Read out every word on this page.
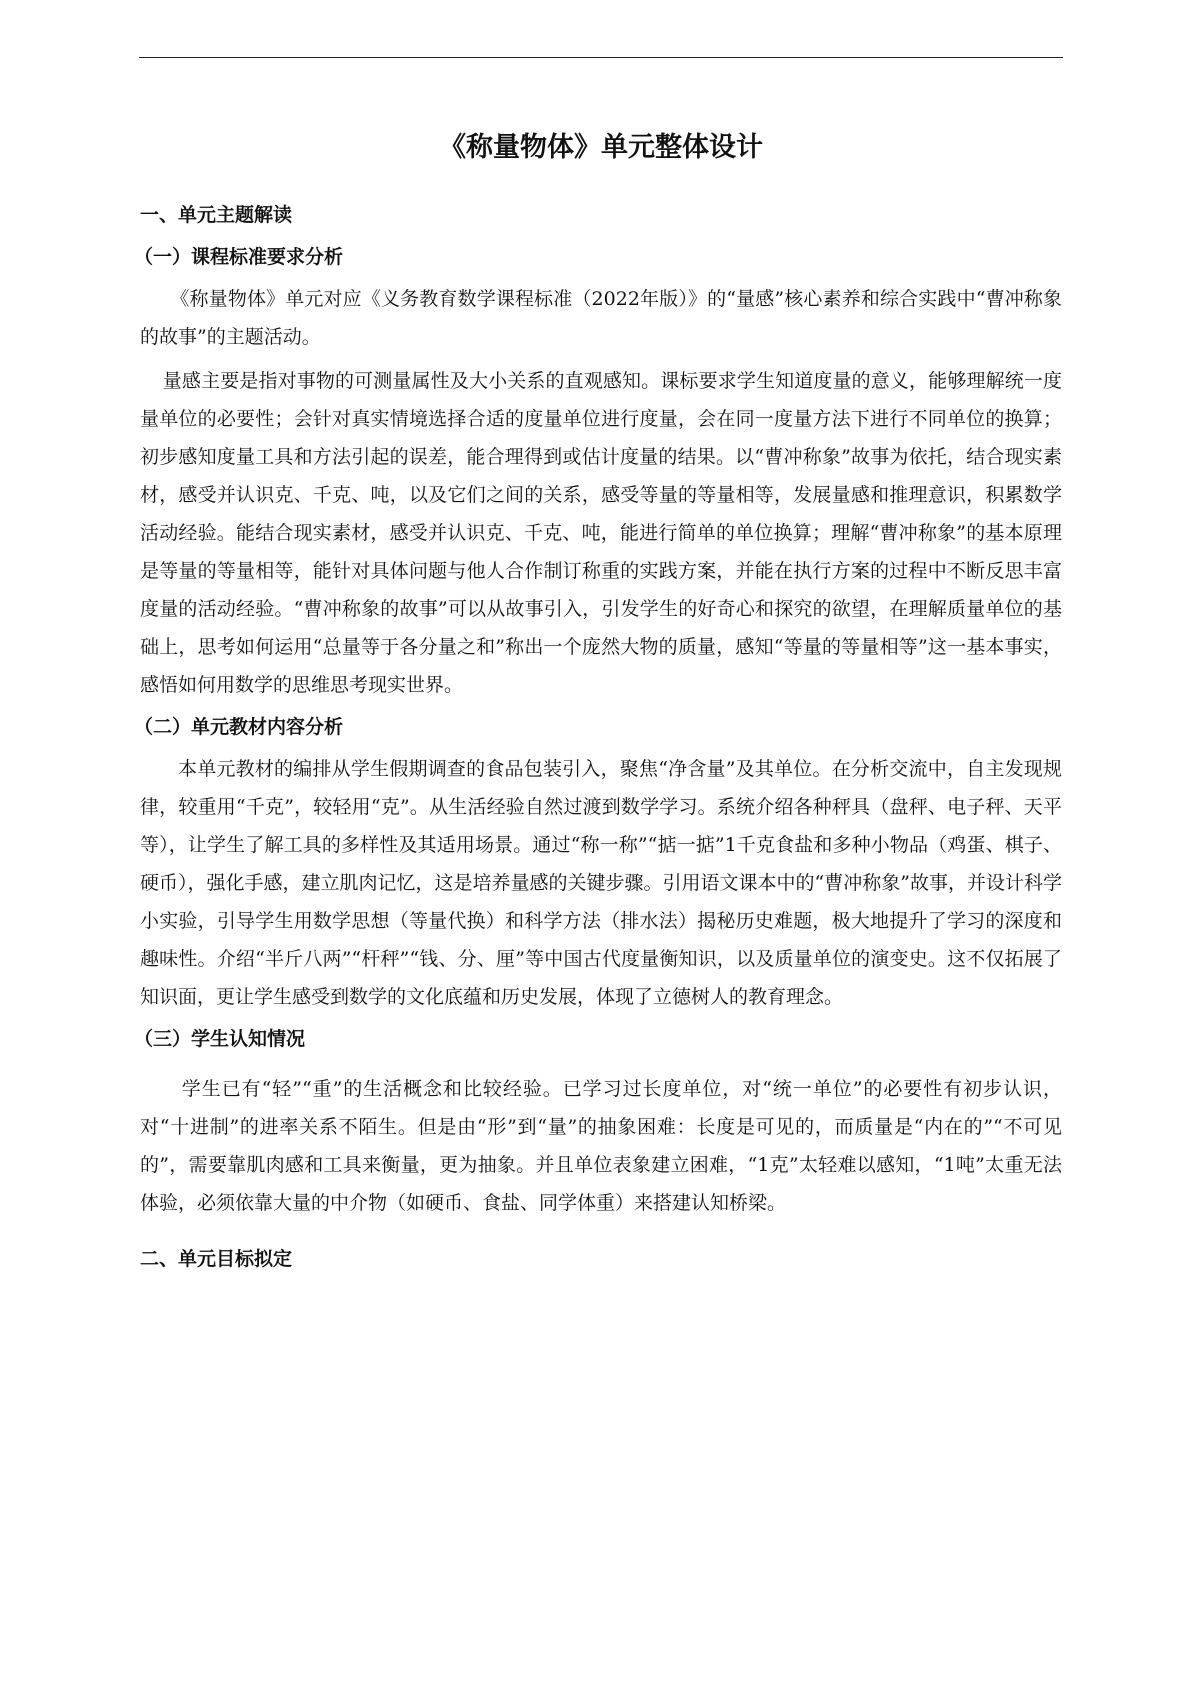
《称量物体》单元整体设计
一、单元主题解读
（一）课程标准要求分析

《称量物体》单元对应《义务教育数学课程标准（2022年版）》的“量感”核心素养和综合实践中“曹冲称象的故事”的主题活动。

量感主要是指对事物的可测量属性及大小关系的直观感知。课标要求学生知道度量的意义，能够理解统一度量单位的必要性；会针对真实情境选择合适的度量单位进行度量，会在同一度量方法下进行不同单位的换算；初步感知度量工具和方法引起的误差，能合理得到或估计度量的结果。以“曹冲称象”故事为依托，结合现实素材，感受并认识克、千克、吨，以及它们之间的关系，感受等量的等量相等，发展量感和推理意识，积累数学活动经验。能结合现实素材，感受并认识克、千克、吨，能进行简单的单位换算；理解“曹冲称象”的基本原理是等量的等量相等，能针对具体问题与他人合作制订称重的实践方案，并能在执行方案的过程中不断反思丰富度量的活动经验。“曹冲称象的故事”可以从故事引入，引发学生的好奇心和探究的欲望，在理解质量单位的基础上，思考如何运用“总量等于各分量之和”称出一个庞然大物的质量，感知“等量的等量相等”这一基本事实，感悟如何用数学的思维思考现实世界。

（二）单元教材内容分析

本单元教材的编排从学生假期调查的食品包装引入，聚焦“净含量”及其单位。在分析交流中，自主发现规律，较重用“千克”，较轻用“克”。从生活经验自然过渡到数学学习。系统介绍各种秤具（盘秤、电子秤、天平等），让学生了解工具的多样性及其适用场景。通过“称一称”“掂一掂”1千克食盐和多种小物品（鸡蛋、棋子、硬币），强化手感，建立肌肉记忆，这是培养量感的关键步骤。引用语文课本中的“曹冲称象”故事，并设计科学小实验，引导学生用数学思想（等量代换）和科学方法（排水法）揭秘历史难题，极大地提升了学习的深度和趣味性。介绍“半斤八两”“杆秤”“钱、分、厘”等中国古代度量衡知识，以及质量单位的演变史。这不仅拓展了知识面，更让学生感受到数学的文化底蕴和历史发展，体现了立德树人的教育理念。

（三）学生认知情况

学生已有“轻”“重”的生活概念和比较经验。已学习过长度单位，对“统一单位”的必要性有初步认识，对“十进制”的进率关系不陌生。但是由“形”到“量”的抽象困难：长度是可见的，而质量是“内在的”“不可见的”，需要靠肌肉感和工具来衡量，更为抽象。并且单位表象建立困难，“1克”太轻难以感知，“1吨”太重无法体验，必须依靠大量的中介物（如硬币、食盐、同学体重）来搭建认知桥梁。

二、单元目标拟定
